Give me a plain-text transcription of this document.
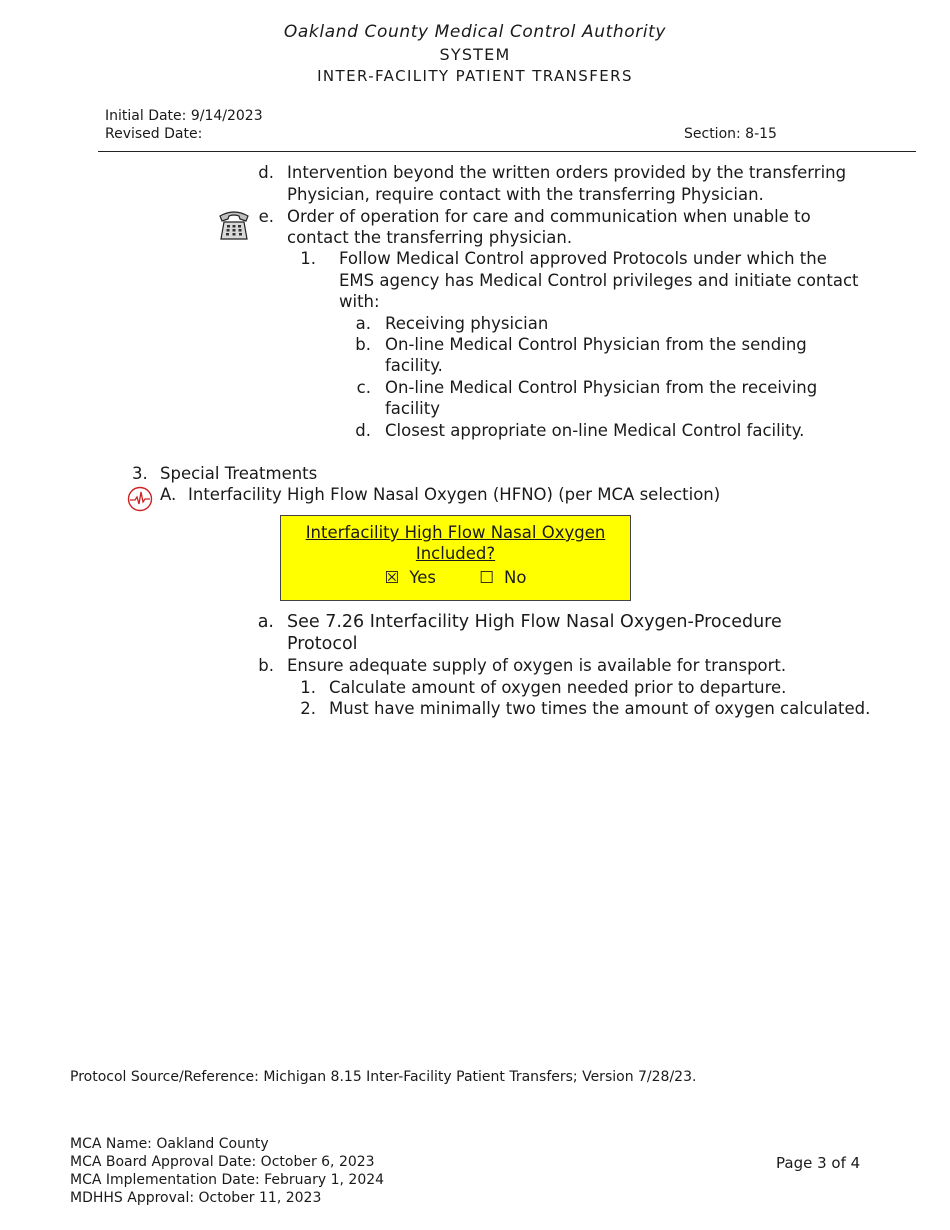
Oakland County Medical Control Authority
SYSTEM
INTER-FACILITY PATIENT TRANSFERS
Initial Date: 9/14/2023
Revised Date:	Section: 8-15
d. Intervention beyond the written orders provided by the transferring
Physician, require contact with the transferring Physician.
e. Order of operation for care and communication when unable to
contact the transferring physician.
1. Follow Medical Control approved Protocols under which the
EMS agency has Medical Control privileges and initiate contact
with:
a. Receiving physician
b. On-line Medical Control Physician from the sending
facility.
c. On-line Medical Control Physician from the receiving
facility
d. Closest appropriate on-line Medical Control facility.
3. Special Treatments
A. Interfacility High Flow Nasal Oxygen (HFNO) (per MCA selection)
Interfacility High Flow Nasal Oxygen
Included?
☒ Yes	☐ No
a. See 7.26 Interfacility High Flow Nasal Oxygen-Procedure
Protocol
b. Ensure adequate supply of oxygen is available for transport.
1. Calculate amount of oxygen needed prior to departure.
2. Must have minimally two times the amount of oxygen calculated.
Protocol Source/Reference: Michigan 8.15 Inter-Facility Patient Transfers; Version 7/28/23.
MCA Name: Oakland County
MCA Board Approval Date: October 6, 2023
MCA Implementation Date: February 1, 2024
MDHHS Approval: October 11, 2023
Page 3 of 4
